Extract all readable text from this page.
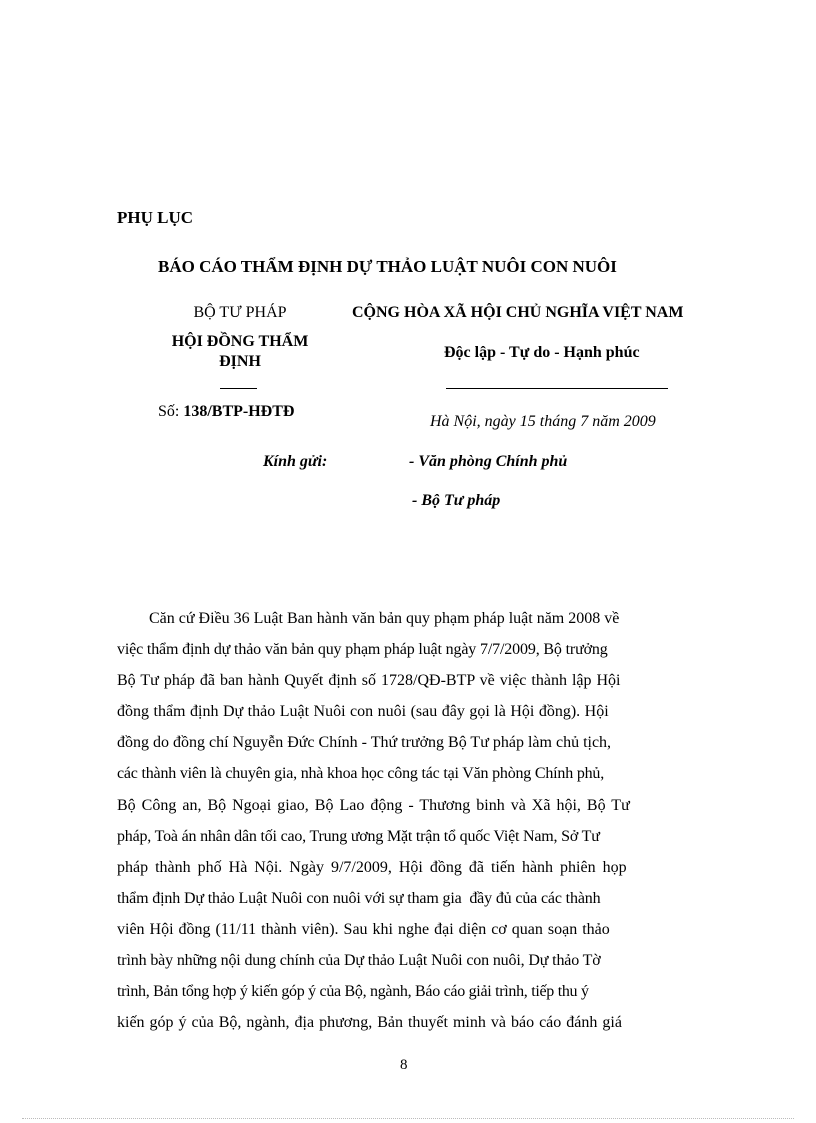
PHỤ LỤC
BÁO CÁO THẨM ĐỊNH DỰ THẢO LUẬT NUÔI CON NUÔI
BỘ TƯ PHÁP
HỘI ĐỒNG THẨM ĐỊNH
Số: 138/BTP-HĐTĐ
CỘNG HÒA XÃ HỘI CHỦ NGHĨA VIỆT NAM
Độc lập - Tự do - Hạnh phúc
Hà Nội, ngày 15 tháng 7 năm 2009
Kính gửi:	- Văn phòng Chính phủ
- Bộ Tư pháp
Căn cứ Điều 36 Luật Ban hành văn bản quy phạm pháp luật năm 2008 về
việc thẩm định dự thảo văn bản quy phạm pháp luật ngày 7/7/2009, Bộ trưởng
Bộ Tư pháp đã ban hành Quyết định số 1728/QĐ-BTP về việc thành lập Hội
đồng thẩm định Dự thảo Luật Nuôi con nuôi (sau đây gọi là Hội đồng). Hội
đồng do đồng chí Nguyễn Đức Chính - Thứ trưởng Bộ Tư pháp làm chủ tịch,
các thành viên là chuyên gia, nhà khoa học công tác tại Văn phòng Chính phủ,
Bộ Công an, Bộ Ngoại giao, Bộ Lao động - Thương binh và Xã hội, Bộ Tư
pháp, Toà án nhân dân tối cao, Trung ương Mặt trận tổ quốc Việt Nam, Sở Tư
pháp thành phố Hà Nội. Ngày 9/7/2009, Hội đồng đã tiến hành phiên họp
thẩm định Dự thảo Luật Nuôi con nuôi với sự tham gia  đầy đủ của các thành
viên Hội đồng (11/11 thành viên). Sau khi nghe đại diện cơ quan soạn thảo
trình bày những nội dung chính của Dự thảo Luật Nuôi con nuôi, Dự thảo Tờ
trình, Bản tổng hợp ý kiến góp ý của Bộ, ngành, Báo cáo giải trình, tiếp thu ý
kiến góp ý của Bộ, ngành, địa phương, Bản thuyết minh và báo cáo đánh giá
8
